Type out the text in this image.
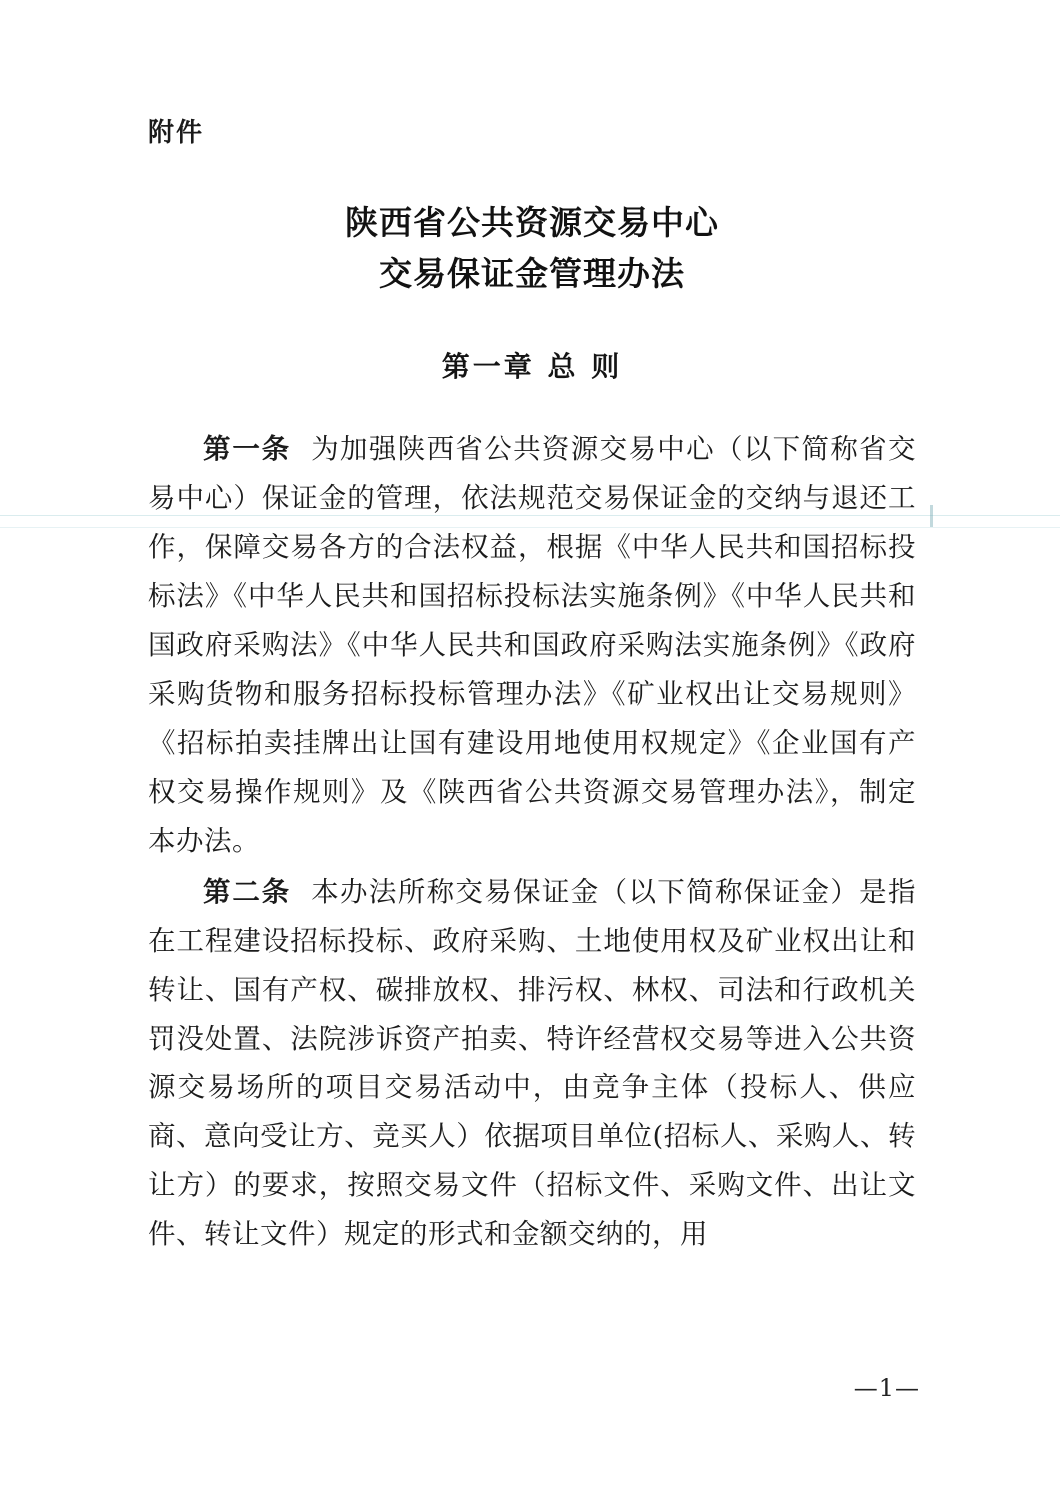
附件
陕西省公共资源交易中心
交易保证金管理办法
第一章 总 则

第一条 为加强陕西省公共资源交易中心（以下简称省交易中心）保证金的管理，依法规范交易保证金的交纳与退还工作，保障交易各方的合法权益，根据《中华人民共和国招标投标法》《中华人民共和国招标投标法实施条例》《中华人民共和国政府采购法》《中华人民共和国政府采购法实施条例》《政府采购货物和服务招标投标管理办法》《矿业权出让交易规则》《招标拍卖挂牌出让国有建设用地使用权规定》《企业国有产权交易操作规则》及《陕西省公共资源交易管理办法》，制定本办法。

第二条 本办法所称交易保证金（以下简称保证金）是指在工程建设招标投标、政府采购、土地使用权及矿业权出让和转让、国有产权、碳排放权、排污权、林权、司法和行政机关罚没处置、法院涉诉资产拍卖、特许经营权交易等进入公共资源交易场所的项目交易活动中，由竞争主体（投标人、供应商、意向受让方、竞买人）依据项目单位(招标人、采购人、转让方）的要求，按照交易文件（招标文件、采购文件、出让文件、转让文件）规定的形式和金额交纳的，用

—1—
